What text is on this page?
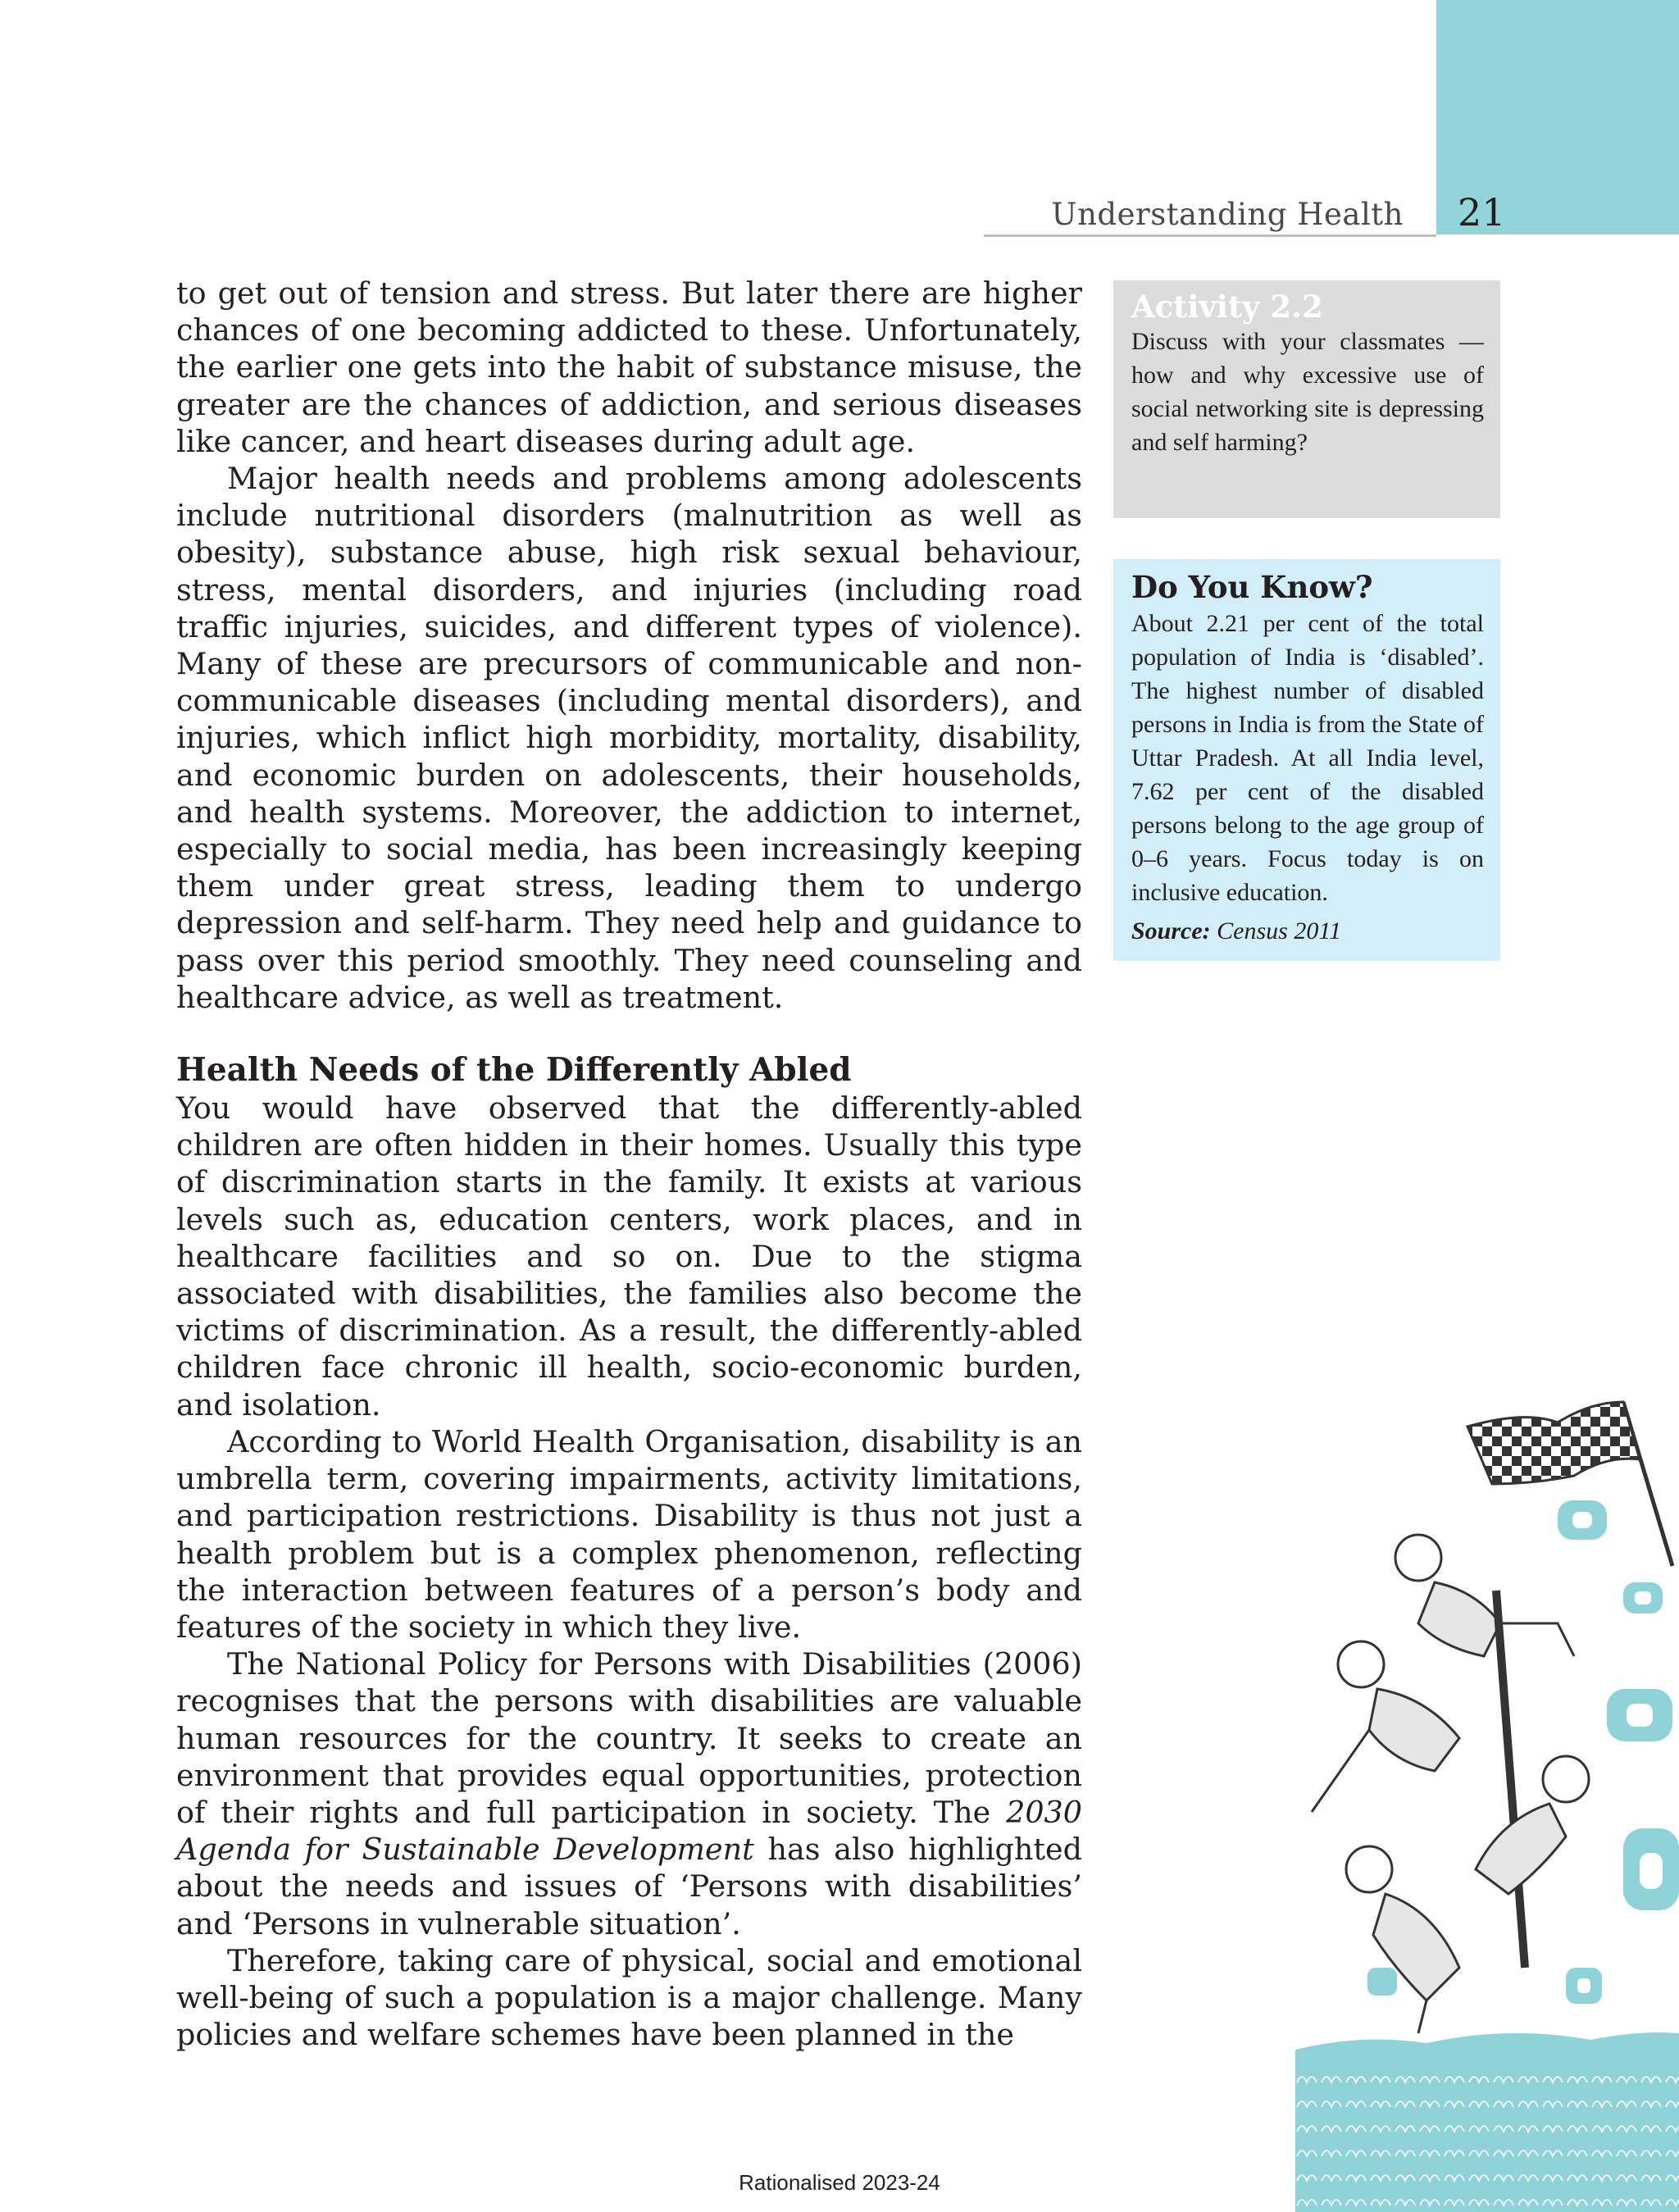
Understanding Health	21

to get out of tension and stress. But later there are higher chances of one becoming addicted to these. Unfortunately, the earlier one gets into the habit of substance misuse, the greater are the chances of addiction, and serious diseases like cancer, and heart diseases during adult age.

Major health needs and problems among adolescents include nutritional disorders (malnutrition as well as obesity), substance abuse, high risk sexual behaviour, stress, mental disorders, and injuries (including road traffic injuries, suicides, and different types of violence). Many of these are precursors of communicable and non-communicable diseases (including mental disorders), and injuries, which inflict high morbidity, mortality, disability, and economic burden on adolescents, their households, and health systems. Moreover, the addiction to internet, especially to social media, has been increasingly keeping them under great stress, leading them to undergo depression and self-harm. They need help and guidance to pass over this period smoothly. They need counseling and healthcare advice, as well as treatment.

Health Needs of the Differently Abled

You would have observed that the differently-abled children are often hidden in their homes. Usually this type of discrimination starts in the family. It exists at various levels such as, education centers, work places, and in healthcare facilities and so on. Due to the stigma associated with disabilities, the families also become the victims of discrimination. As a result, the differently-abled children face chronic ill health, socio-economic burden, and isolation.

According to World Health Organisation, disability is an umbrella term, covering impairments, activity limitations, and participation restrictions. Disability is thus not just a health problem but is a complex phenomenon, reflecting the interaction between features of a person’s body and features of the society in which they live.

The National Policy for Persons with Disabilities (2006) recognises that the persons with disabilities are valuable human resources for the country. It seeks to create an environment that provides equal opportunities, protection of their rights and full participation in society. The 2030 Agenda for Sustainable Development has also highlighted about the needs and issues of ‘Persons with disabilities’ and ‘Persons in vulnerable situation’.

Therefore, taking care of physical, social and emotional well-being of such a population is a major challenge. Many policies and welfare schemes have been planned in the

Activity 2.2

Discuss with your classmates —how and why excessive use of social networking site is depressing and self harming?

Do You Know?

About 2.21 per cent of the total population of India is ‘disabled’. The highest number of disabled persons in India is from the State of Uttar Pradesh. At all India level, 7.62 per cent of the disabled persons belong to the age group of 0–6 years. Focus today is on inclusive education.

Source: Census 2011

Rationalised 2023-24
